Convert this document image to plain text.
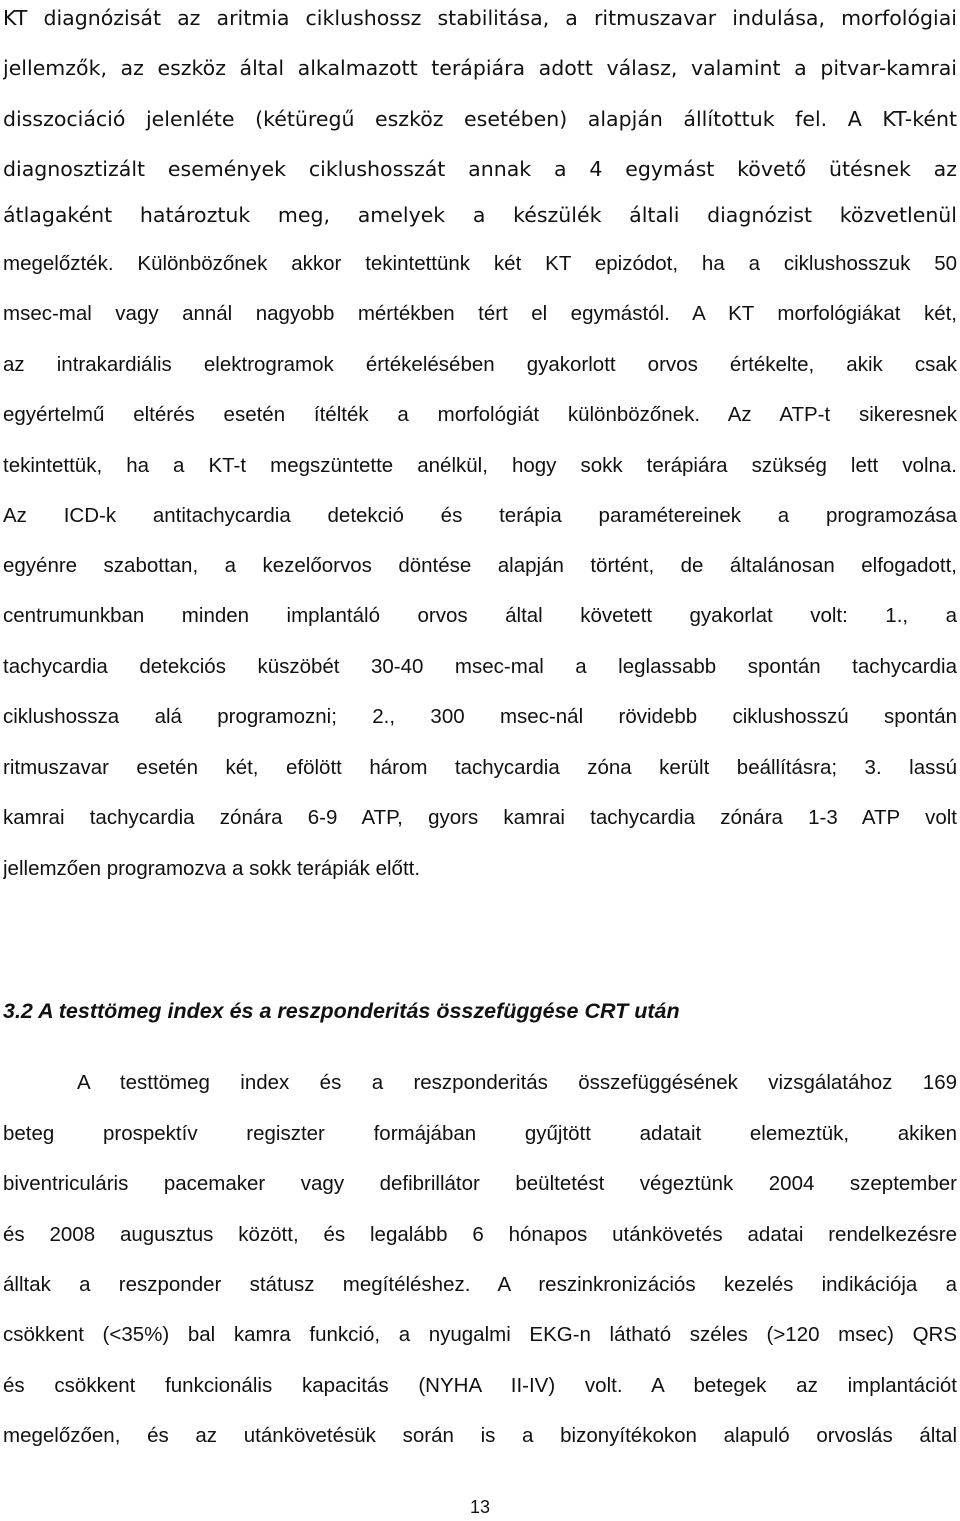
KT diagnózisát az aritmia ciklushossz stabilitása, a ritmuszavar indulása, morfológiai
jellemzők, az eszköz által alkalmazott terápiára adott válasz, valamint a pitvar-kamrai
disszociáció jelenléte (kétüregű eszköz esetében) alapján állítottuk fel. A KT-ként
diagnosztizált események ciklushosszát annak a 4 egymást követő ütésnek az
átlagaként határoztuk meg, amelyek a készülék általi diagnózist közvetlenül
megelőzték. Különbözőnek akkor tekintettünk két KT epizódot, ha a ciklushosszuk 50
msec-mal vagy annál nagyobb mértékben tért el egymástól. A KT morfológiákat két,
az intrakardiális elektrogramok értékelésében gyakorlott orvos értékelte, akik csak
egyértelmű eltérés esetén ítélték a morfológiát különbözőnek. Az ATP-t sikeresnek
tekintettük, ha a KT-t megszüntette anélkül, hogy sokk terápiára szükség lett volna.
Az ICD-k antitachycardia detekció és terápia paramétereinek a programozása
egyénre szabottan, a kezelőorvos döntése alapján történt, de általánosan elfogadott,
centrumunkban minden implantáló orvos által követett gyakorlat volt: 1., a
tachycardia detekciós küszöbét 30-40 msec-mal a leglassabb spontán tachycardia
ciklushossza alá programozni; 2., 300 msec-nál rövidebb ciklushosszú spontán
ritmuszavar esetén két, efölött három tachycardia zóna került beállításra; 3. lassú
kamrai tachycardia zónára 6-9 ATP, gyors kamrai tachycardia zónára 1-3 ATP volt
jellemzően programozva a sokk terápiák előtt.
3.2 A testtömeg index és a reszponderitás összefüggése CRT után
A testtömeg index és a reszponderitás összefüggésének vizsgálatához 169
beteg prospektív regiszter formájában gyűjtött adatait elemeztük, akiken
biventriculáris pacemaker vagy defibrillátor beültetést végeztünk 2004 szeptember
és 2008 augusztus között, és legalább 6 hónapos utánkövetés adatai rendelkezésre
álltak a reszponder státusz megítéléshez. A reszinkronizációs kezelés indikációja a
csökkent (<35%) bal kamra funkció, a nyugalmi EKG-n látható széles (>120 msec) QRS
és csökkent funkcionális kapacitás (NYHA II-IV) volt. A betegek az implantációt
megelőzően, és az utánkövetésük során is a bizonyítékokon alapuló orvoslás által
13
